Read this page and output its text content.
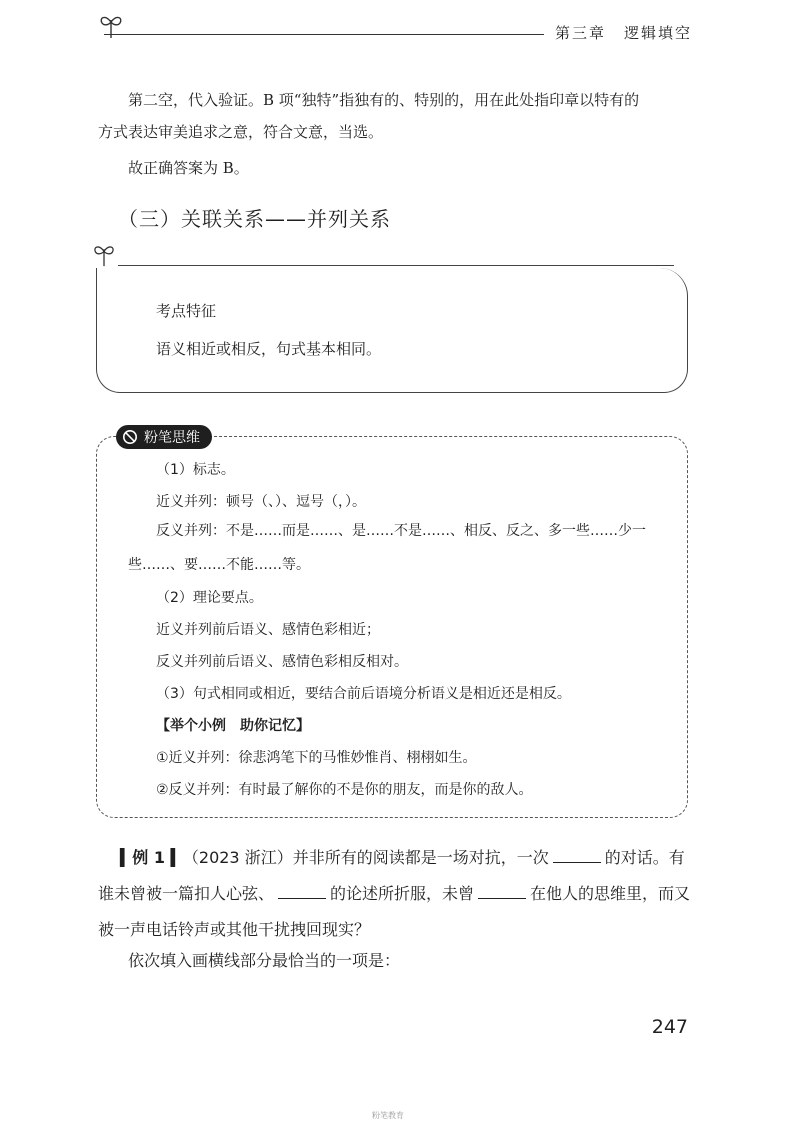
第三章 逻辑填空
第二空，代入验证。B 项“独特”指独有的、特别的，用在此处指印章以特有的
方式表达审美追求之意，符合文意，当选。
故正确答案为 B。
（三）关联关系——并列关系
考点特征
语义相近或相反，句式基本相同。
粉笔思维
（1）标志。
近义并列：顿号（、）、逗号（，）。
反义并列：不是……而是……、是……不是……、相反、反之、多一些……少一些……、要……不能……等。
（2）理论要点。
近义并列前后语义、感情色彩相近；
反义并列前后语义、感情色彩相反相对。
（3）句式相同或相近，要结合前后语境分析语义是相近还是相反。
【举个小例　助你记忆】
①近义并列：徐悲鸿笔下的马惟妙惟肖、栩栩如生。
②反义并列：有时最了解你的不是你的朋友，而是你的敌人。
▍例 1 ▍（2023 浙江）并非所有的阅读都是一场对抗，一次	的对话。有谁未曾被一篇扣人心弦、	的论述所折服，未曾	在他人的思维里，而又被一声电话铃声或其他干扰拽回现实？
依次填入画横线部分最恰当的一项是：
247
粉笔教育
